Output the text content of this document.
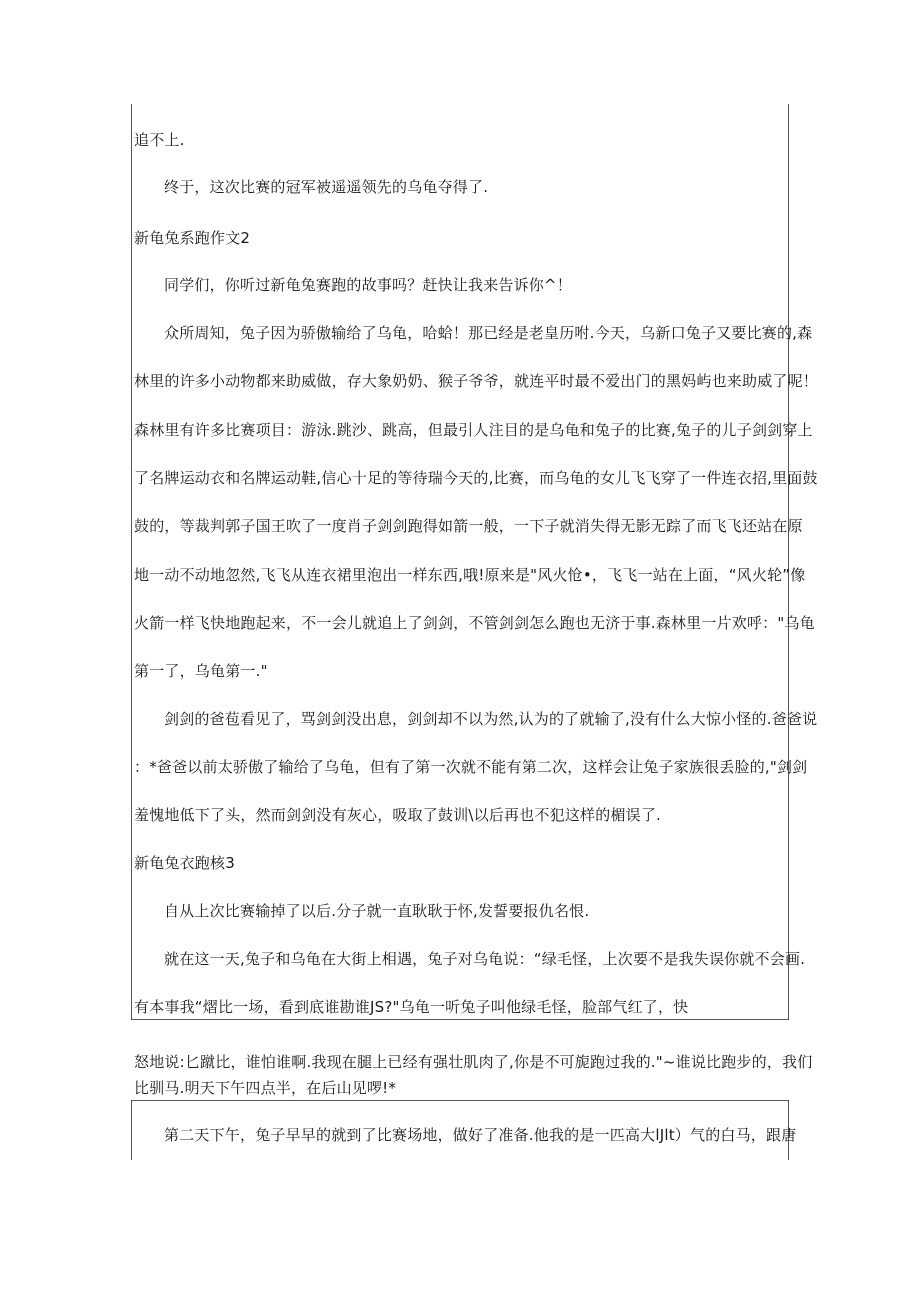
追不上.
终于，这次比赛的冠军被遥遥领先的乌龟夺得了.
新龟兔系跑作文2
同学们，你听过新龟兔赛跑的故事吗？赶快让我来告诉你^！
众所周知，兔子因为骄傲输给了乌龟，哈蛤！那已经是老皇历咐.今天，乌新口兔子又要比赛的,森
林里的许多小动物都来助威做，存大象奶奶、猴子爷爷，就连平时最不爱出门的黑妈屿也来助威了呢！
森林里有许多比赛项目：游泳.跳沙、跳高，但最引人注目的是乌龟和兔子的比赛,兔子的儿子剑剑穿上
了名牌运动衣和名牌运动鞋,信心十足的等待瑞今天的,比赛，而乌龟的女儿飞飞穿了一件连衣招,里面鼓
鼓的，等裁判郭子国王吹了一度肖子剑剑跑得如箭一般，一下子就消失得无影无踪了而飞飞还站在原
地一动不动地忽然,飞飞从连衣裙里泡出一样东西,哦!原来是"风火怆•，飞飞一站在上面，“风火轮”像
火箭一样飞快地跑起来，不一会儿就追上了剑剑，不管剑剑怎么跑也无济于事.森林里一片欢呼："乌龟
第一了，乌龟第一."
剑剑的爸苞看见了，骂剑剑没出息，剑剑却不以为然,认为的了就输了,没有什么大惊小怪的.爸爸说
：*爸爸以前太骄傲了输给了乌龟，但有了第一次就不能有第二次，这样会让兔子家族很丢脸的,"剑剑
羞愧地低下了头，然而剑剑没有灰心，吸取了鼓训\以后再也不犯这样的楣误了.
新龟兔衣跑核3
自从上次比赛输掉了以后.分子就一直耿耿于怀,发誓要报仇名恨.
就在这一天,兔子和乌龟在大街上相遇，兔子对乌龟说：“绿毛怪，上次要不是我失误你就不会画.
有本事我“熠比一场，看到底谁勘谁JS?"乌龟一听兔子叫他绿毛怪，脸部气红了，快
怒地说:匕蹴比，谁怕谁啊.我现在腿上已经有强壮肌肉了,你是不可旎跑过我的."~谁说比跑步的，我们
比驯马.明天下午四点半，在后山见啰!*
第二天下午，兔子早早的就到了比赛场地，做好了准备.他我的是一匹高大lJlt）气的白马，跟唐
